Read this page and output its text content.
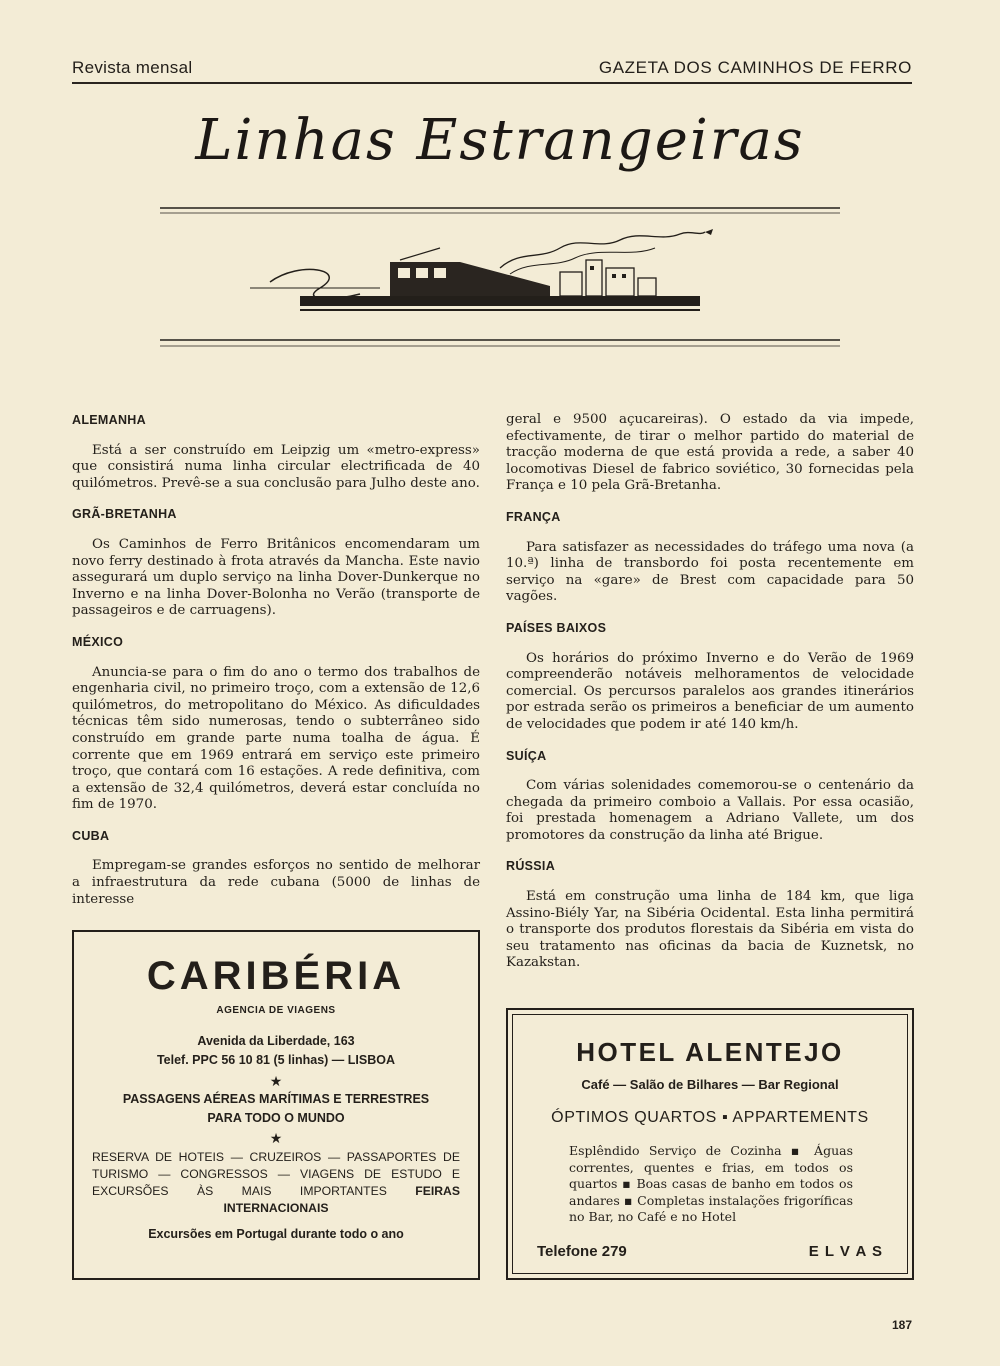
Revista mensal	GAZETA DOS CAMINHOS DE FERRO
Linhas Estrangeiras
ALEMANHA

Está a ser construído em Leipzig um «metro-express» que consistirá numa linha circular electrificada de 40 quilómetros. Prevê-se a sua conclusão para Julho deste ano.

GRÃ-BRETANHA

Os Caminhos de Ferro Britânicos encomendaram um novo ferry destinado à frota através da Mancha. Este navio assegurará um duplo serviço na linha Dover-Dunkerque no Inverno e na linha Dover-Bolonha no Verão (transporte de passageiros e de carruagens).

MÉXICO

Anuncia-se para o fim do ano o termo dos trabalhos de engenharia civil, no primeiro troço, com a extensão de 12,6 quilómetros, do metropolitano do México. As dificuldades técnicas têm sido numerosas, tendo o subterrâneo sido construído em grande parte numa toalha de água. É corrente que em 1969 entrará em serviço este primeiro troço, que contará com 16 estações. A rede definitiva, com a extensão de 32,4 quilómetros, deverá estar concluída no fim de 1970.

CUBA

Empregam-se grandes esforços no sentido de melhorar a infraestrutura da rede cubana (5000 de linhas de interesse

geral e 9500 açucareiras). O estado da via impede, efectivamente, de tirar o melhor partido do material de tracção moderna de que está provida a rede, a saber 40 locomotivas Diesel de fabrico soviético, 30 fornecidas pela França e 10 pela Grã-Bretanha.

FRANÇA

Para satisfazer as necessidades do tráfego uma nova (a 10.ª) linha de transbordo foi posta recentemente em serviço na «gare» de Brest com capacidade para 50 vagões.

PAÍSES BAIXOS

Os horários do próximo Inverno e do Verão de 1969 compreenderão notáveis melhoramentos de velocidade comercial. Os percursos paralelos aos grandes itinerários por estrada serão os primeiros a beneficiar de um aumento de velocidades que podem ir até 140 km/h.

SUÍÇA

Com várias solenidades comemorou-se o centenário da chegada da primeiro comboio a Vallais. Por essa ocasião, foi prestada homenagem a Adriano Vallete, um dos promotores da construção da linha até Brigue.

RÚSSIA

Está em construção uma linha de 184 km, que liga Assino-Biély Yar, na Sibéria Ocidental. Esta linha permitirá o transporte dos produtos florestais da Sibéria em vista do seu tratamento nas oficinas da bacia de Kuznetsk, no Kazakstan.

CARIBÉRIA
AGENCIA DE VIAGENS
Avenida da Liberdade, 163
Telef. PPC 56 10 81 (5 linhas) — LISBOA
★
PASSAGENS AÉREAS MARÍTIMAS E TERRESTRES
PARA TODO O MUNDO
★
RESERVA DE HOTEIS — CRUZEIROS — PASSAPORTES DE TURISMO — CONGRESSOS — VIAGENS DE ESTUDO E EXCURSÕES ÀS MAIS IMPORTANTES FEIRAS INTERNACIONAIS
Excursões em Portugal durante todo o ano
HOTEL ALENTEJO
Café — Salão de Bilhares — Bar Regional
ÓPTIMOS QUARTOS ▪ APPARTEMENTS
Esplêndido Serviço de Cozinha ▪ Águas correntes, quentes e frias, em todos os quartos ▪ Boas casas de banho em todos os andares ▪ Completas instalações frigoríficas no Bar, no Café e no Hotel
Telefone 279	E L V A S
187
